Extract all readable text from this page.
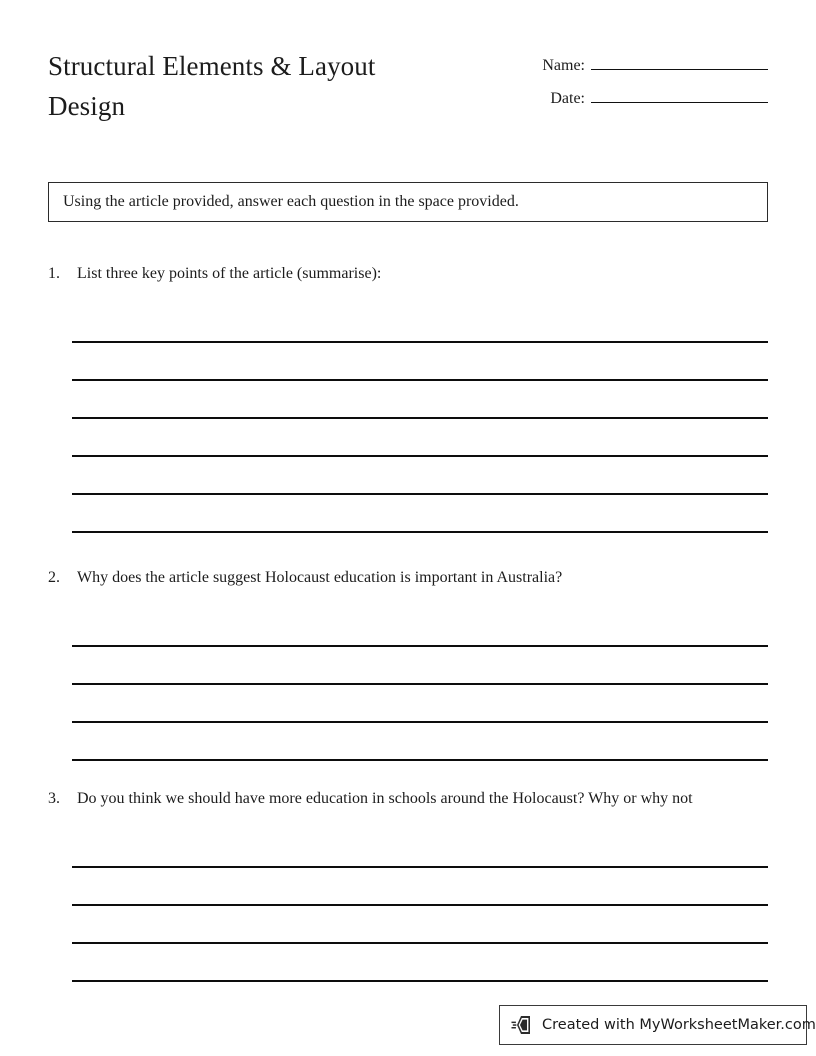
Structural Elements & Layout Design
Name:
Date:
Using the article provided, answer each question in the space provided.
1.	List three key points of the article (summarise):
2.	Why does the article suggest Holocaust education is important in Australia?
3.	Do you think we should have more education in schools around the Holocaust? Why or why not
Created with MyWorksheetMaker.com
